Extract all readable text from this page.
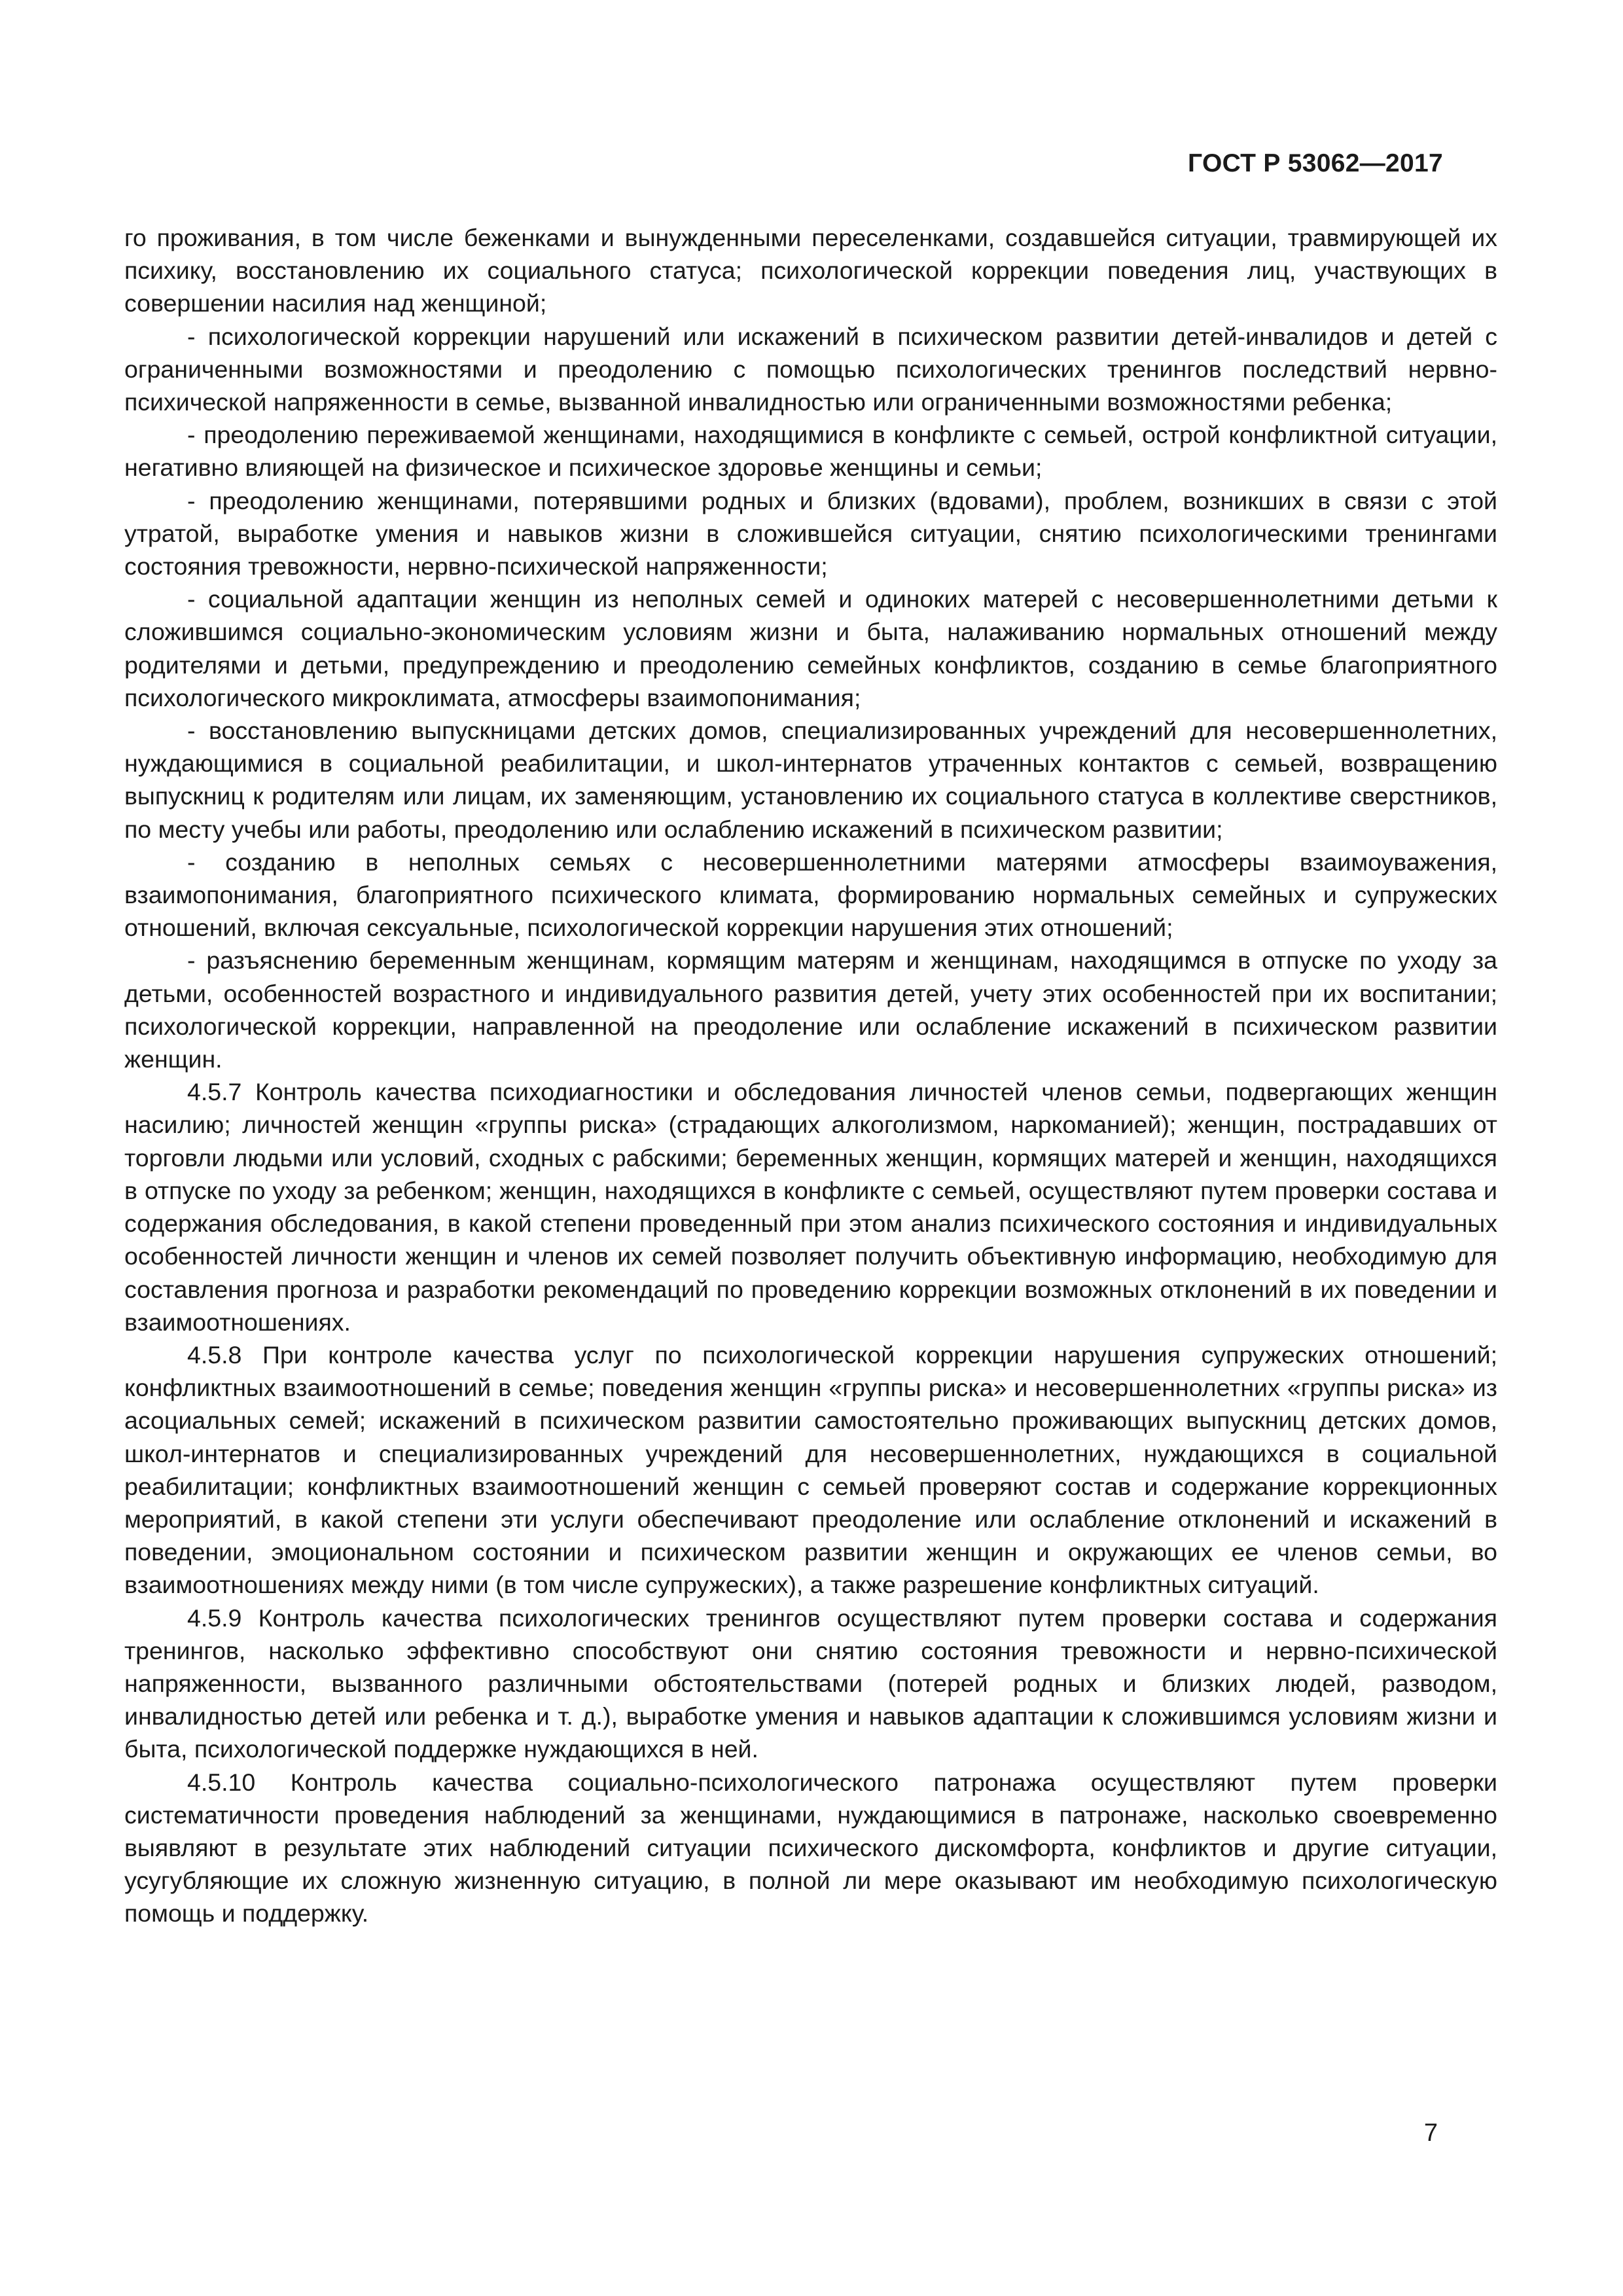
ГОСТ Р 53062—2017

го проживания, в том числе беженками и вынужденными переселенками, создавшейся ситуации, травмирующей их психику, восстановлению их социального статуса; психологической коррекции поведения лиц, участвующих в совершении насилия над женщиной;

- психологической коррекции нарушений или искажений в психическом развитии детей-инвалидов и детей с ограниченными возможностями и преодолению с помощью психологических тренингов последствий нервно-психической напряженности в семье, вызванной инвалидностью или ограниченными возможностями ребенка;

- преодолению переживаемой женщинами, находящимися в конфликте с семьей, острой конфликтной ситуации, негативно влияющей на физическое и психическое здоровье женщины и семьи;

- преодолению женщинами, потерявшими родных и близких (вдовами), проблем, возникших в связи с этой утратой, выработке умения и навыков жизни в сложившейся ситуации, снятию психологическими тренингами состояния тревожности, нервно-психической напряженности;

- социальной адаптации женщин из неполных семей и одиноких матерей с несовершеннолетними детьми к сложившимся социально-экономическим условиям жизни и быта, налаживанию нормальных отношений между родителями и детьми, предупреждению и преодолению семейных конфликтов, созданию в семье благоприятного психологического микроклимата, атмосферы взаимопонимания;

- восстановлению выпускницами детских домов, специализированных учреждений для несовершеннолетних, нуждающимися в социальной реабилитации, и школ-интернатов утраченных контактов с семьей, возвращению выпускниц к родителям или лицам, их заменяющим, установлению их социального статуса в коллективе сверстников, по месту учебы или работы, преодолению или ослаблению искажений в психическом развитии;

- созданию в неполных семьях с несовершеннолетними матерями атмосферы взаимоуважения, взаимопонимания, благоприятного психического климата, формированию нормальных семейных и супружеских отношений, включая сексуальные, психологической коррекции нарушения этих отношений;

- разъяснению беременным женщинам, кормящим матерям и женщинам, находящимся в отпуске по уходу за детьми, особенностей возрастного и индивидуального развития детей, учету этих особенностей при их воспитании; психологической коррекции, направленной на преодоление или ослабление искажений в психическом развитии женщин.

4.5.7 Контроль качества психодиагностики и обследования личностей членов семьи, подвергающих женщин насилию; личностей женщин «группы риска» (страдающих алкоголизмом, наркоманией); женщин, пострадавших от торговли людьми или условий, сходных с рабскими; беременных женщин, кормящих матерей и женщин, находящихся в отпуске по уходу за ребенком; женщин, находящихся в конфликте с семьей, осуществляют путем проверки состава и содержания обследования, в какой степени проведенный при этом анализ психического состояния и индивидуальных особенностей личности женщин и членов их семей позволяет получить объективную информацию, необходимую для составления прогноза и разработки рекомендаций по проведению коррекции возможных отклонений в их поведении и взаимоотношениях.

4.5.8 При контроле качества услуг по психологической коррекции нарушения супружеских отношений; конфликтных взаимоотношений в семье; поведения женщин «группы риска» и несовершеннолетних «группы риска» из асоциальных семей; искажений в психическом развитии самостоятельно проживающих выпускниц детских домов, школ-интернатов и специализированных учреждений для несовершеннолетних, нуждающихся в социальной реабилитации; конфликтных взаимоотношений женщин с семьей проверяют состав и содержание коррекционных мероприятий, в какой степени эти услуги обеспечивают преодоление или ослабление отклонений и искажений в поведении, эмоциональном состоянии и психическом развитии женщин и окружающих ее членов семьи, во взаимоотношениях между ними (в том числе супружеских), а также разрешение конфликтных ситуаций.

4.5.9 Контроль качества психологических тренингов осуществляют путем проверки состава и содержания тренингов, насколько эффективно способствуют они снятию состояния тревожности и нервно-психической напряженности, вызванного различными обстоятельствами (потерей родных и близких людей, разводом, инвалидностью детей или ребенка и т. д.), выработке умения и навыков адаптации к сложившимся условиям жизни и быта, психологической поддержке нуждающихся в ней.

4.5.10 Контроль качества социально-психологического патронажа осуществляют путем проверки систематичности проведения наблюдений за женщинами, нуждающимися в патронаже, насколько своевременно выявляют в результате этих наблюдений ситуации психического дискомфорта, конфликтов и другие ситуации, усугубляющие их сложную жизненную ситуацию, в полной ли мере оказывают им необходимую психологическую помощь и поддержку.

7
